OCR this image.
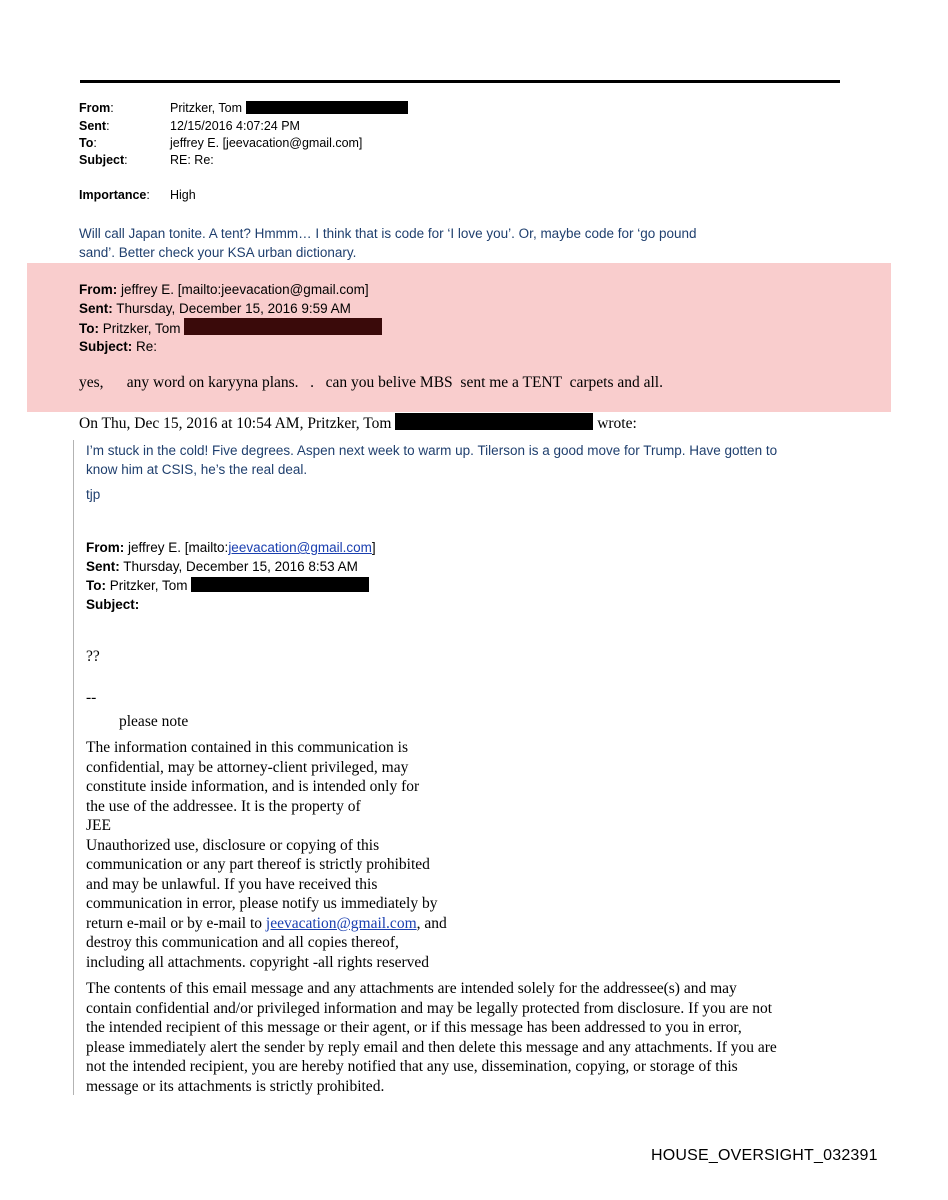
From:	Pritzker, Tom
Sent:	12/15/2016 4:07:24 PM
To:	jeffrey E. [jeevacation@gmail.com]
Subject:	RE: Re:
Importance: High
Will call Japan tonite. A tent? Hmmm… I think that is code for ‘I love you’. Or, maybe code for ‘go pound
sand’. Better check your KSA urban dictionary.
From: jeffrey E. [mailto:jeevacation@gmail.com]
Sent: Thursday, December 15, 2016 9:59 AM
To: Pritzker, Tom
Subject: Re:
yes,      any word on karyyna plans.   .   can you belive MBS  sent me a TENT  carpets and all.
On Thu, Dec 15, 2016 at 10:54 AM, Pritzker, Tom	wrote:
I’m stuck in the cold! Five degrees. Aspen next week to warm up. Tilerson is a good move for Trump. Have gotten to
know him at CSIS, he’s the real deal.
tjp
From: jeffrey E. [mailto:jeevacation@gmail.com]
Sent: Thursday, December 15, 2016 8:53 AM
To: Pritzker, Tom
Subject:
??
--
please note
The information contained in this communication is
confidential, may be attorney-client privileged, may
constitute inside information, and is intended only for
the use of the addressee. It is the property of
JEE
Unauthorized use, disclosure or copying of this
communication or any part thereof is strictly prohibited
and may be unlawful. If you have received this
communication in error, please notify us immediately by
return e-mail or by e-mail to jeevacation@gmail.com, and
destroy this communication and all copies thereof,
including all attachments. copyright -all rights reserved
The contents of this email message and any attachments are intended solely for the addressee(s) and may
contain confidential and/or privileged information and may be legally protected from disclosure. If you are not
the intended recipient of this message or their agent, or if this message has been addressed to you in error,
please immediately alert the sender by reply email and then delete this message and any attachments. If you are
not the intended recipient, you are hereby notified that any use, dissemination, copying, or storage of this
message or its attachments is strictly prohibited.
HOUSE_OVERSIGHT_032391
